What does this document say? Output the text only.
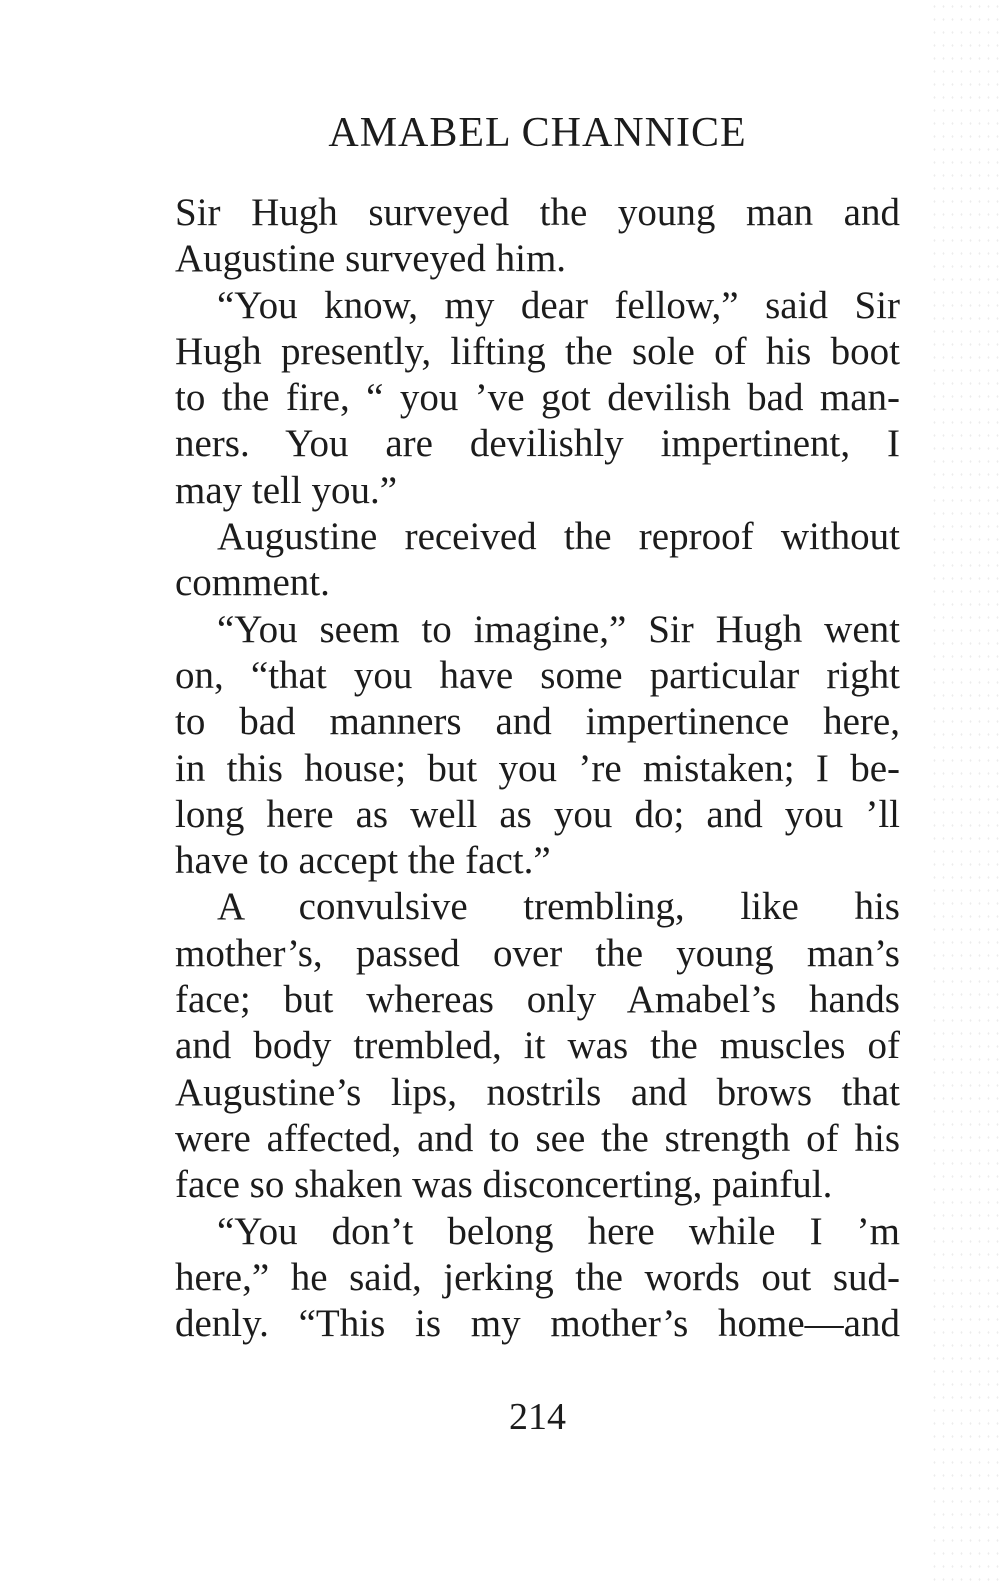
AMABEL CHANNICE
Sir Hugh surveyed the young man and
Augustine surveyed him.
“You know, my dear fellow,” said Sir
Hugh presently, lifting the sole of his boot
to the fire, “ you ’ve got devilish bad man-
ners. You are devilishly impertinent, I
may tell you.”
Augustine received the reproof without
comment.
“You seem to imagine,” Sir Hugh went
on, “that you have some particular right
to bad manners and impertinence here,
in this house; but you ’re mistaken; I be-
long here as well as you do; and you ’ll
have to accept the fact.”
A convulsive trembling, like his
mother’s, passed over the young man’s
face; but whereas only Amabel’s hands
and body trembled, it was the muscles of
Augustine’s lips, nostrils and brows that
were affected, and to see the strength of his
face so shaken was disconcerting, painful.
“You don’t belong here while I ’m
here,” he said, jerking the words out sud-
denly. “This is my mother’s home—and
214
